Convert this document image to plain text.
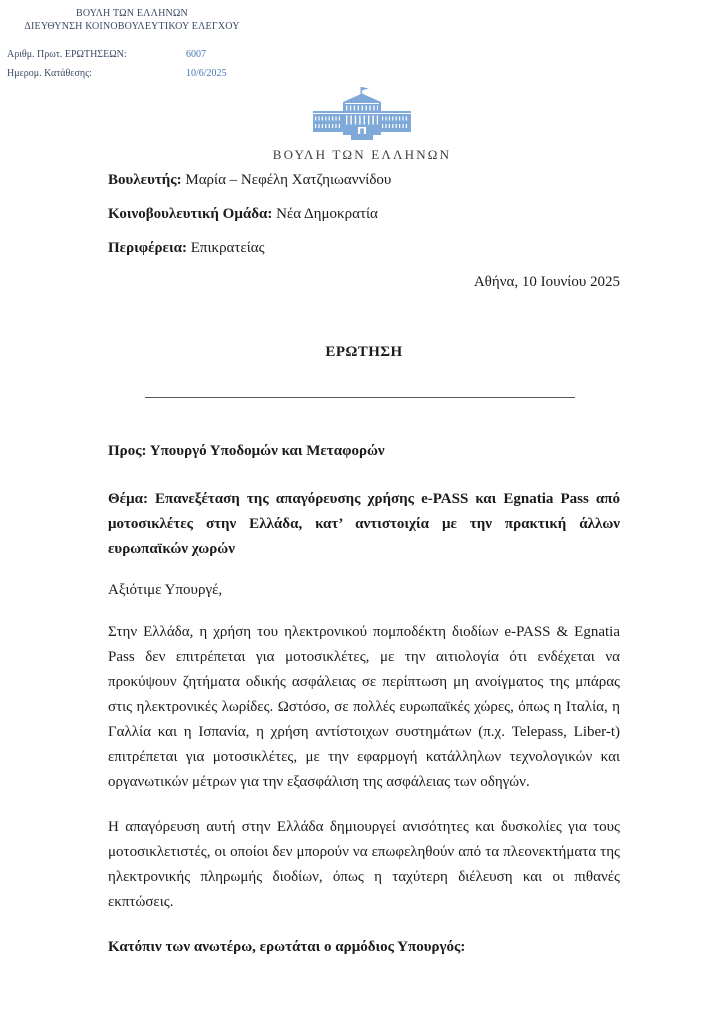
ΒΟΥΛΗ ΤΩΝ ΕΛΛΗΝΩΝ
ΔΙΕΥΘΥΝΣΗ ΚΟΙΝΟΒΟΥΛΕΥΤΙΚΟΥ ΕΛΕΓΧΟΥ
Αριθμ. Πρωτ. ΕΡΩΤΗΣΕΩΝ:	6007
Ημερομ. Κατάθεσης:	10/6/2025
ΒΟΥΛΗ ΤΩΝ ΕΛΛΗΝΩΝ
Βουλευτής: Μαρία – Νεφέλη Χατζηιωαννίδου
Κοινοβουλευτική Ομάδα: Νέα Δημοκρατία
Περιφέρεια: Επικρατείας
Αθήνα, 10 Ιουνίου 2025
ΕΡΩΤΗΣΗ
Προς: Υπουργό Υποδομών και Μεταφορών
Θέμα: Επανεξέταση της απαγόρευσης χρήσης e-PASS και Egnatia Pass από μοτοσικλέτες στην Ελλάδα, κατ’ αντιστοιχία με την πρακτική άλλων ευρωπαϊκών χωρών
Αξιότιμε Υπουργέ,

Στην Ελλάδα, η χρήση του ηλεκτρονικού πομποδέκτη διοδίων e-PASS & Egnatia Pass δεν επιτρέπεται για μοτοσικλέτες, με την αιτιολογία ότι ενδέχεται να προκύψουν ζητήματα οδικής ασφάλειας σε περίπτωση μη ανοίγματος της μπάρας στις ηλεκτρονικές λωρίδες. Ωστόσο, σε πολλές ευρωπαϊκές χώρες, όπως η Ιταλία, η Γαλλία και η Ισπανία, η χρήση αντίστοιχων συστημάτων (π.χ. Telepass, Liber-t) επιτρέπεται για μοτοσικλέτες, με την εφαρμογή κατάλληλων τεχνολογικών και οργανωτικών μέτρων για την εξασφάλιση της ασφάλειας των οδηγών.

Η απαγόρευση αυτή στην Ελλάδα δημιουργεί ανισότητες και δυσκολίες για τους μοτοσικλετιστές, οι οποίοι δεν μπορούν να επωφεληθούν από τα πλεονεκτήματα της ηλεκτρονικής πληρωμής διοδίων, όπως η ταχύτερη διέλευση και οι πιθανές εκπτώσεις.

Κατόπιν των ανωτέρω, ερωτάται ο αρμόδιος Υπουργός:
